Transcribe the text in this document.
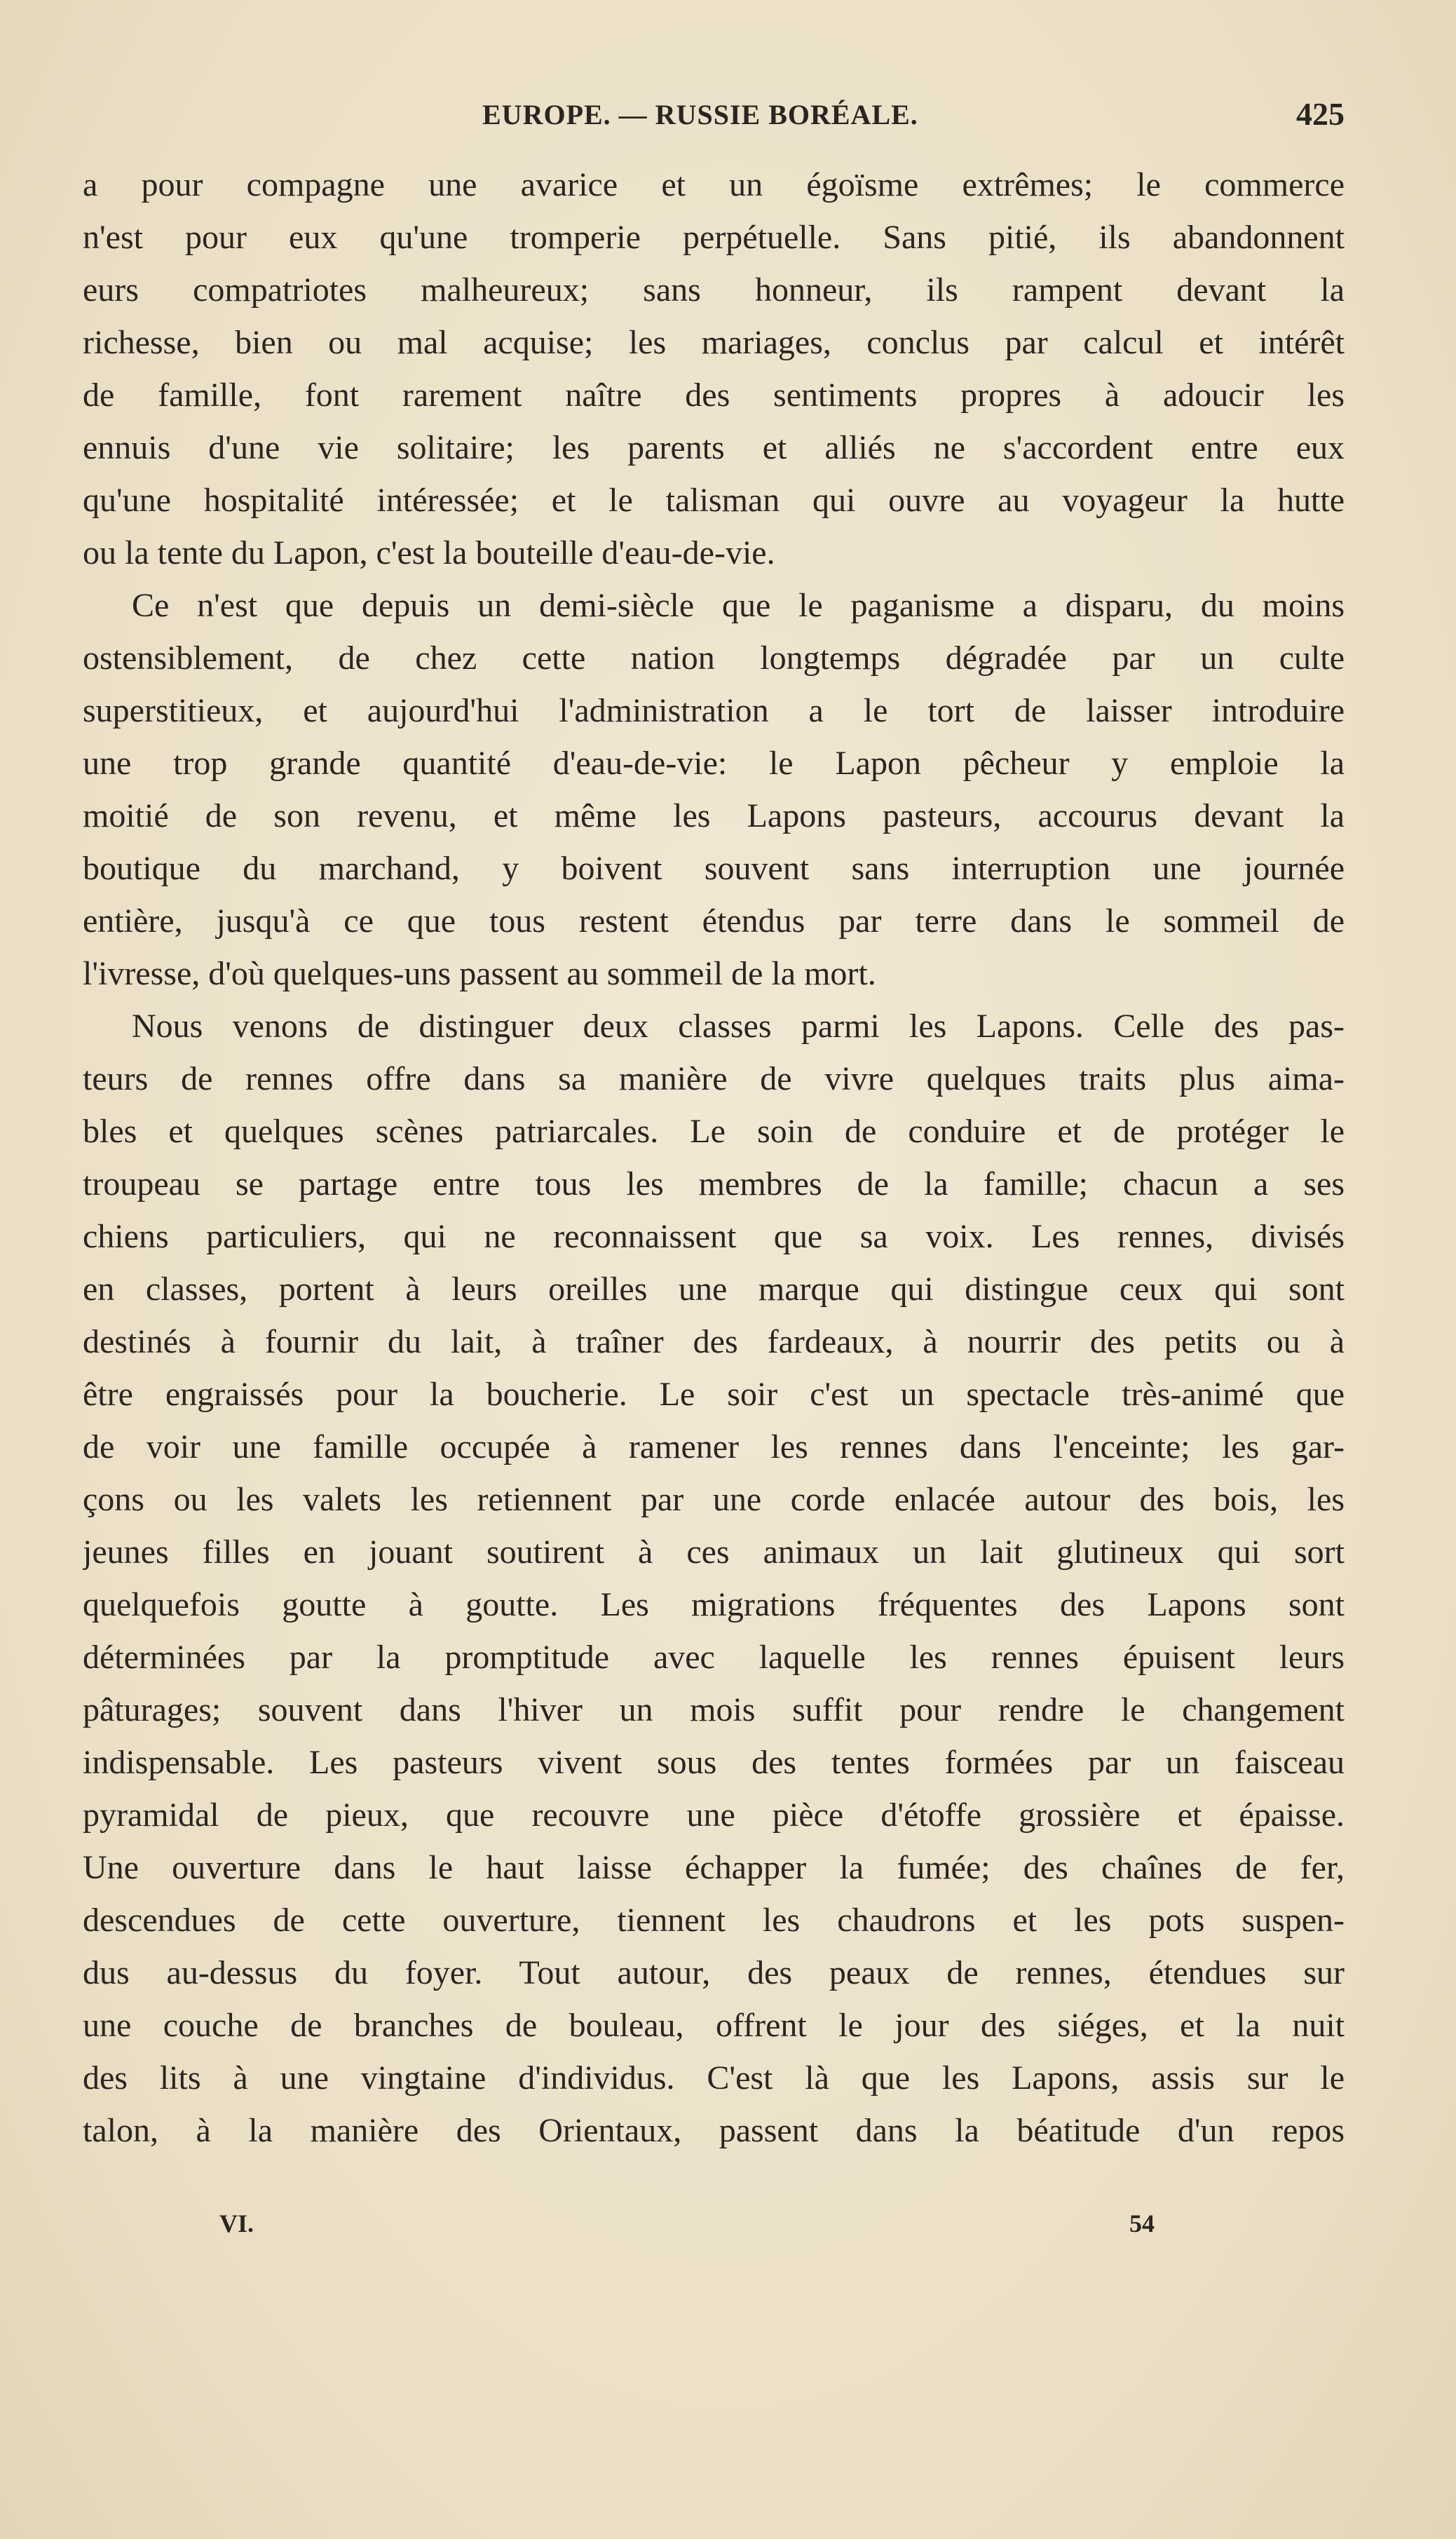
EUROPE. — RUSSIE BORÉALE.	425
a pour compagne une avarice et un égoïsme extrêmes; le commerce
n'est pour eux qu'une tromperie perpétuelle. Sans pitié, ils abandonnent
eurs compatriotes malheureux; sans honneur, ils rampent devant la
richesse, bien ou mal acquise; les mariages, conclus par calcul et intérêt
de famille, font rarement naître des sentiments propres à adoucir les
ennuis d'une vie solitaire; les parents et alliés ne s'accordent entre eux
qu'une hospitalité intéressée; et le talisman qui ouvre au voyageur la hutte
ou la tente du Lapon, c'est la bouteille d'eau-de-vie.
Ce n'est que depuis un demi-siècle que le paganisme a disparu, du moins
ostensiblement, de chez cette nation longtemps dégradée par un culte
superstitieux, et aujourd'hui l'administration a le tort de laisser introduire
une trop grande quantité d'eau-de-vie: le Lapon pêcheur y emploie la
moitié de son revenu, et même les Lapons pasteurs, accourus devant la
boutique du marchand, y boivent souvent sans interruption une journée
entière, jusqu'à ce que tous restent étendus par terre dans le sommeil de
l'ivresse, d'où quelques-uns passent au sommeil de la mort.
Nous venons de distinguer deux classes parmi les Lapons. Celle des pas-
teurs de rennes offre dans sa manière de vivre quelques traits plus aima-
bles et quelques scènes patriarcales. Le soin de conduire et de protéger le
troupeau se partage entre tous les membres de la famille; chacun a ses
chiens particuliers, qui ne reconnaissent que sa voix. Les rennes, divisés
en classes, portent à leurs oreilles une marque qui distingue ceux qui sont
destinés à fournir du lait, à traîner des fardeaux, à nourrir des petits ou à
être engraissés pour la boucherie. Le soir c'est un spectacle très-animé que
de voir une famille occupée à ramener les rennes dans l'enceinte; les gar-
çons ou les valets les retiennent par une corde enlacée autour des bois, les
jeunes filles en jouant soutirent à ces animaux un lait glutineux qui sort
quelquefois goutte à goutte. Les migrations fréquentes des Lapons sont
déterminées par la promptitude avec laquelle les rennes épuisent leurs
pâturages; souvent dans l'hiver un mois suffit pour rendre le changement
indispensable. Les pasteurs vivent sous des tentes formées par un faisceau
pyramidal de pieux, que recouvre une pièce d'étoffe grossière et épaisse.
Une ouverture dans le haut laisse échapper la fumée; des chaînes de fer,
descendues de cette ouverture, tiennent les chaudrons et les pots suspen-
dus au-dessus du foyer. Tout autour, des peaux de rennes, étendues sur
une couche de branches de bouleau, offrent le jour des siéges, et la nuit
des lits à une vingtaine d'individus. C'est là que les Lapons, assis sur le
talon, à la manière des Orientaux, passent dans la béatitude d'un repos
VI.	54
